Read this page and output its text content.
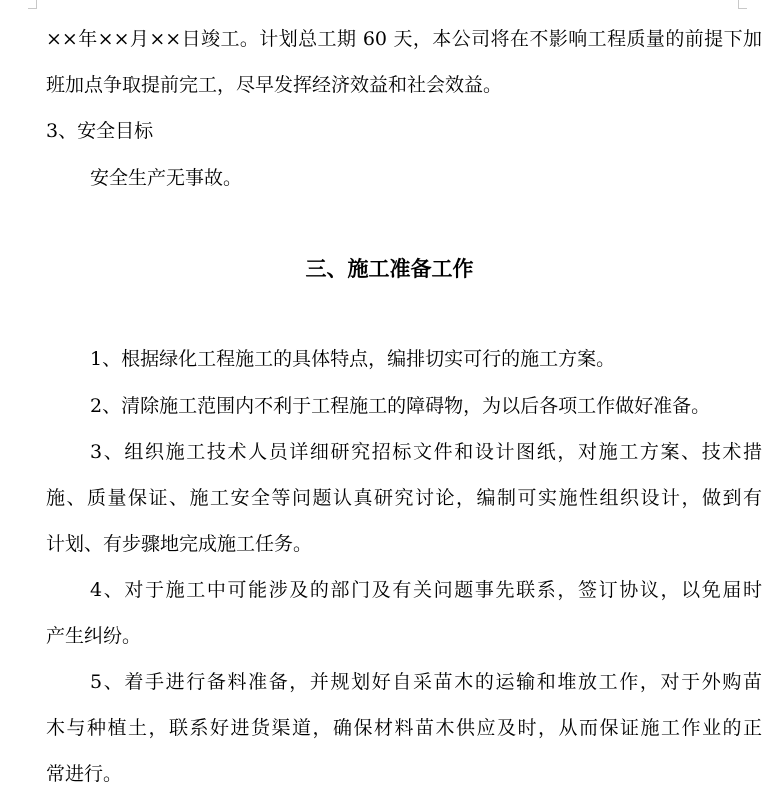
××年××月××日竣工。计划总工期 60 天，本公司将在不影响工程质量的前提下加
班加点争取提前完工，尽早发挥经济效益和社会效益。
3、安全目标
安全生产无事故。
三、施工准备工作
1、根据绿化工程施工的具体特点，编排切实可行的施工方案。
2、清除施工范围内不利于工程施工的障碍物，为以后各项工作做好准备。
3、组织施工技术人员详细研究招标文件和设计图纸，对施工方案、技术措
施、质量保证、施工安全等问题认真研究讨论，编制可实施性组织设计，做到有
计划、有步骤地完成施工任务。
4、对于施工中可能涉及的部门及有关问题事先联系，签订协议，以免届时
产生纠纷。
5、着手进行备料准备，并规划好自采苗木的运输和堆放工作，对于外购苗
木与种植土，联系好进货渠道，确保材料苗木供应及时，从而保证施工作业的正
常进行。
